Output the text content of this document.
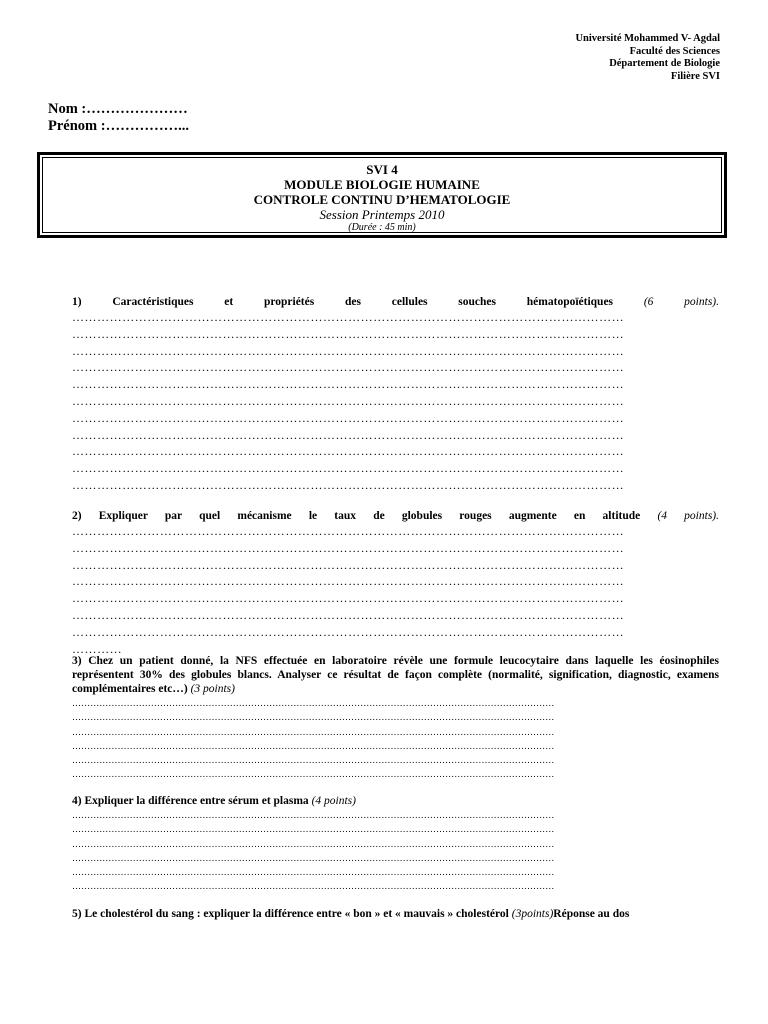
Université Mohammed V- Agdal
Faculté des Sciences
Département de Biologie
Filière SVI
Nom :…………………
Prénom :……………...
SVI 4
MODULE BIOLOGIE HUMAINE
CONTROLE CONTINU D’HEMATOLOGIE
Session Printemps 2010
(Durée : 45 min)
1) Caractéristiques et propriétés des cellules souches hématopoïétiques	(6 points).
……………………………………………………………………………………………………………………
……………………………………………………………………………………………………………………
……………………………………………………………………………………………………………………
……………………………………………………………………………………………………………………
……………………………………………………………………………………………………………………
……………………………………………………………………………………………………………………
……………………………………………………………………………………………………………………
……………………………………………………………………………………………………………………
……………………………………………………………………………………………………………………
……………………………………………………………………………………………………………………
……………………………………………………………………………………………………………………
2) Expliquer par quel mécanisme le taux de globules rouges augmente en altitude (4 points).
……………………………………………………………………………………………………………………
……………………………………………………………………………………………………………………
……………………………………………………………………………………………………………………
……………………………………………………………………………………………………………………
……………………………………………………………………………………………………………………
……………………………………………………………………………………………………………………
……………………………………………………………………………………………………………………
…………
3) Chez un patient donné, la NFS effectuée en laboratoire révèle une formule leucocytaire dans laquelle les éosinophiles représentent 30% des globules blancs. Analyser ce résultat de façon complète (normalité, signification, diagnostic, examens complémentaires etc…) (3 points)
……………………………………………………………………………………………………………………………………………
……………………………………………………………………………………………………………………………………………
……………………………………………………………………………………………………………………………………………
……………………………………………………………………………………………………………………………………………
……………………………………………………………………………………………………………………………………………
……………………………………………………………………………………………………………………………………………
4) Expliquer la différence entre sérum et plasma (4 points)
……………………………………………………………………………………………………………………………………………
……………………………………………………………………………………………………………………………………………
……………………………………………………………………………………………………………………………………………
……………………………………………………………………………………………………………………………………………
……………………………………………………………………………………………………………………………………………
……………………………………………………………………………………………………………………………………………
5) Le cholestérol du sang : expliquer la différence entre « bon » et « mauvais » cholestérol (3points)Réponse au dos
